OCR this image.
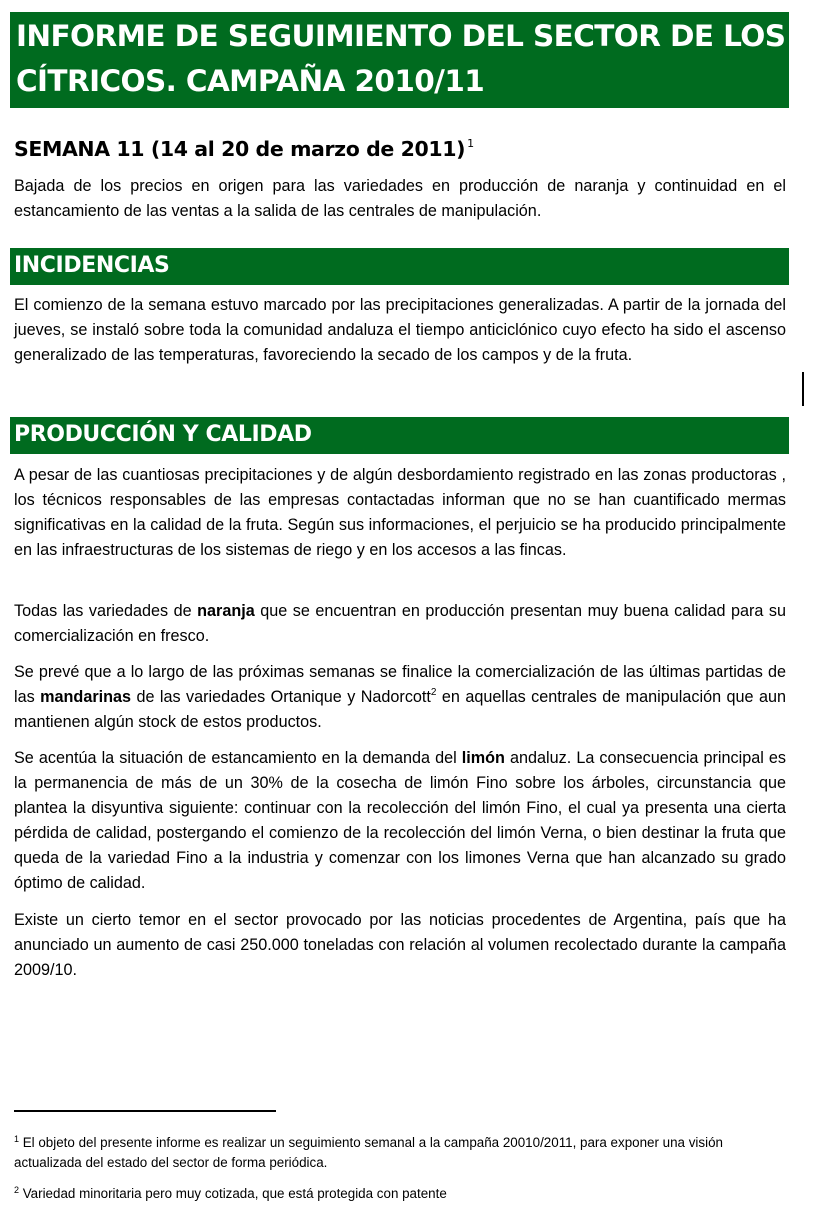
INFORME DE SEGUIMIENTO DEL SECTOR DE LOS
CÍTRICOS. CAMPAÑA 2010/11
SEMANA 11 (14 al 20 de marzo de 2011) $^1$

Bajada de los precios en origen para las variedades en producción de naranja y continuidad en el estancamiento de las ventas a la salida de las centrales de manipulación.

INCIDENCIAS

El comienzo de la semana estuvo marcado por las precipitaciones generalizadas. A partir de la jornada del jueves, se instaló sobre toda la comunidad andaluza el tiempo anticiclónico cuyo efecto ha sido el ascenso generalizado de las temperaturas, favoreciendo la secado de los campos y de la fruta.

PRODUCCIÓN Y CALIDAD

A pesar de las cuantiosas precipitaciones y de algún desbordamiento registrado en las zonas productoras , los técnicos responsables de las empresas contactadas informan que no se han cuantificado mermas significativas en la calidad de la fruta. Según sus informaciones, el perjuicio se ha producido principalmente en las infraestructuras de los sistemas de riego y en los accesos a las fincas.

Todas las variedades de naranja que se encuentran en producción presentan muy buena calidad para su comercialización en fresco.

Se prevé que a lo largo de las próximas semanas se finalice la comercialización de las últimas partidas de las mandarinas de las variedades Ortanique y Nadorcott$^2$ en aquellas centrales de manipulación que aun mantienen algún stock de estos productos.

Se acentúa la situación de estancamiento en la demanda del limón andaluz. La consecuencia principal es la permanencia de más de un 30% de la cosecha de limón Fino sobre los árboles, circunstancia que plantea la disyuntiva siguiente: continuar con la recolección del limón Fino, el cual ya presenta una cierta pérdida de calidad, postergando el comienzo de la recolección del limón Verna, o bien destinar la fruta que queda de la variedad Fino a la industria y comenzar con los limones Verna que han alcanzado su grado óptimo de calidad.

Existe un cierto temor en el sector provocado por las noticias procedentes de Argentina, país que ha anunciado un aumento de casi 250.000 toneladas con relación al volumen recolectado durante la campaña 2009/10.

$^1$ El objeto del presente informe es realizar un seguimiento semanal a la campaña 20010/2011, para exponer una visión actualizada del estado del sector de forma periódica.

$^2$ Variedad minoritaria pero muy cotizada, que está protegida con patente
